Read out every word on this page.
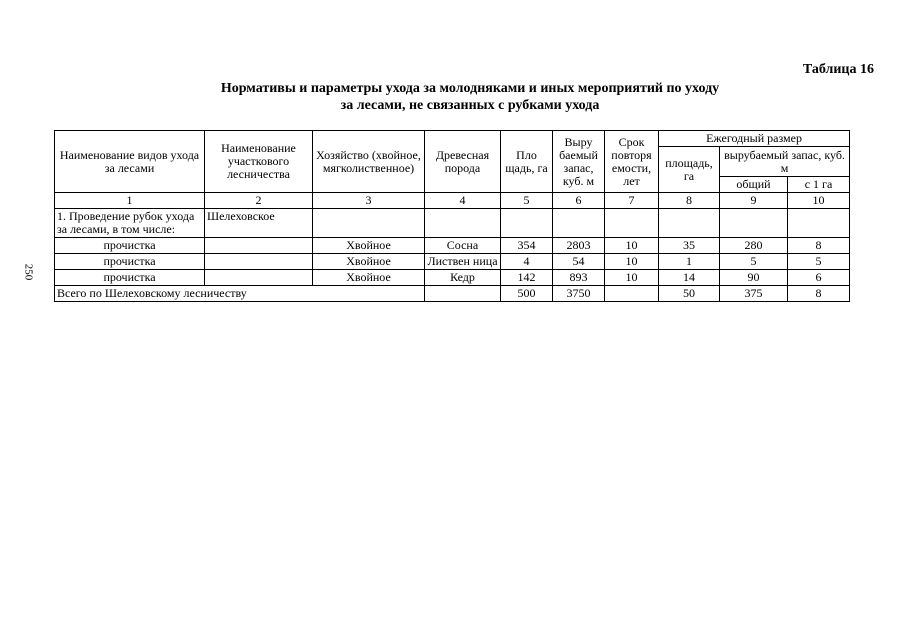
250
Таблица 16
Нормативы и параметры ухода за молодняками и иных мероприятий по уходу
за лесами, не связанных с рубками ухода
Наименование видов ухода за лесами	Наименование участкового лесничества	Хозяйство (хвойное, мягколиственное)	Древесная порода	Пло щадь, га	Выру баемый запас, куб. м	Срок повторя емости, лет	Ежегодный размер		
							площадь, га	вырубаемый запас, куб. м	
								общий	с 1 га
1	2	3	4	5	6	7	8	9	10
1. Проведение рубок ухода за лесами, в том числе:	Шелеховское								
прочистка		Хвойное	Сосна	354	2803	10	35	280	8
прочистка		Хвойное	Листвен ница	4	54	10	1	5	5
прочистка		Хвойное	Кедр	142	893	10	14	90	6
Всего по Шелеховскому лесничеству				500	3750		50	375	8
